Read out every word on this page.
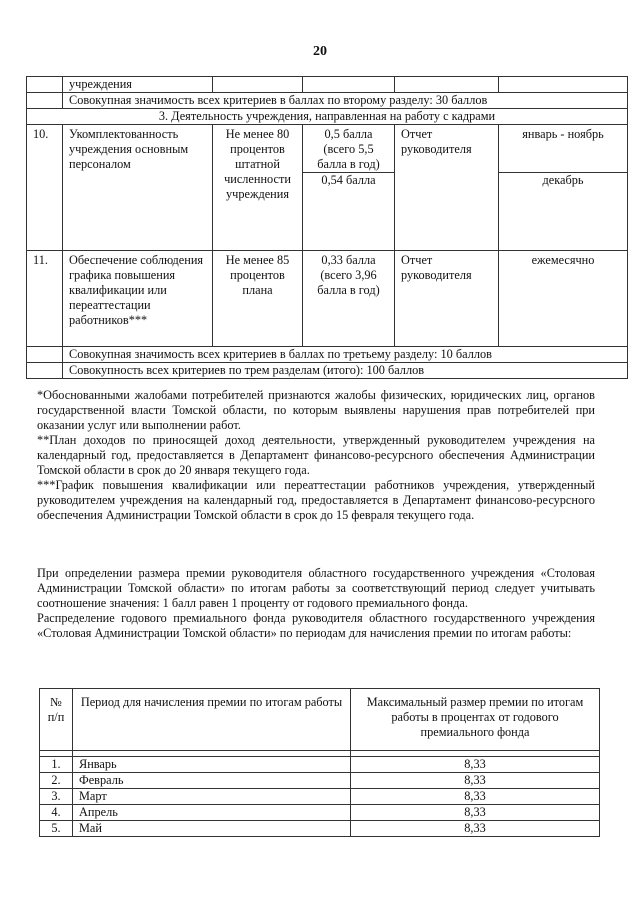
20
	учреждения				
	Совокупная значимость всех критериев в баллах по второму разделу: 30 баллов				
3. Деятельность учреждения, направленная на работу с кадрами					
10.	Укомплектованность учреждения основным персоналом	Не менее 80 процентов штатной численности учреждения	0,5 балла (всего 5,5 балла в год)	Отчет руководителя	январь - ноябрь
			0,54 балла		декабрь
11.	Обеспечение соблюдения графика повышения квалификации или переаттестации работников***	Не менее 85 процентов плана	0,33 балла (всего 3,96 балла в год)	Отчет руководителя	ежемесячно
	Совокупная значимость всех критериев в баллах по третьему разделу: 10 баллов				
	Совокупность всех критериев по трем разделам (итого): 100 баллов				

*Обоснованными жалобами потребителей признаются жалобы физических, юридических лиц, органов государственной власти Томской области, по которым выявлены нарушения прав потребителей при оказании услуг или выполнении работ.

**План доходов по приносящей доход деятельности, утвержденный руководителем учреждения на календарный год, предоставляется в Департамент финансово-ресурсного обеспечения Администрации Томской области в срок до 20 января текущего года.

***График повышения квалификации или переаттестации работников учреждения, утвержденный руководителем учреждения на календарный год, предоставляется в Департамент финансово-ресурсного обеспечения Администрации Томской области в срок до 15 февраля текущего года.

При определении размера премии руководителя областного государственного учреждения «Столовая Администрации Томской области» по итогам работы за соответствующий период следует учитывать соотношение значения: 1 балл равен 1 проценту от годового премиального фонда.

Распределение годового премиального фонда руководителя областного государственного учреждения «Столовая Администрации Томской области» по периодам для начисления премии по итогам работы:

№ п/п	Период для начисления премии по итогам работы	Максимальный размер премии по итогам работы в процентах от годового премиального фонда

1.	Январь	8,33
2.	Февраль	8,33
3.	Март	8,33
4.	Апрель	8,33
5.	Май	8,33
